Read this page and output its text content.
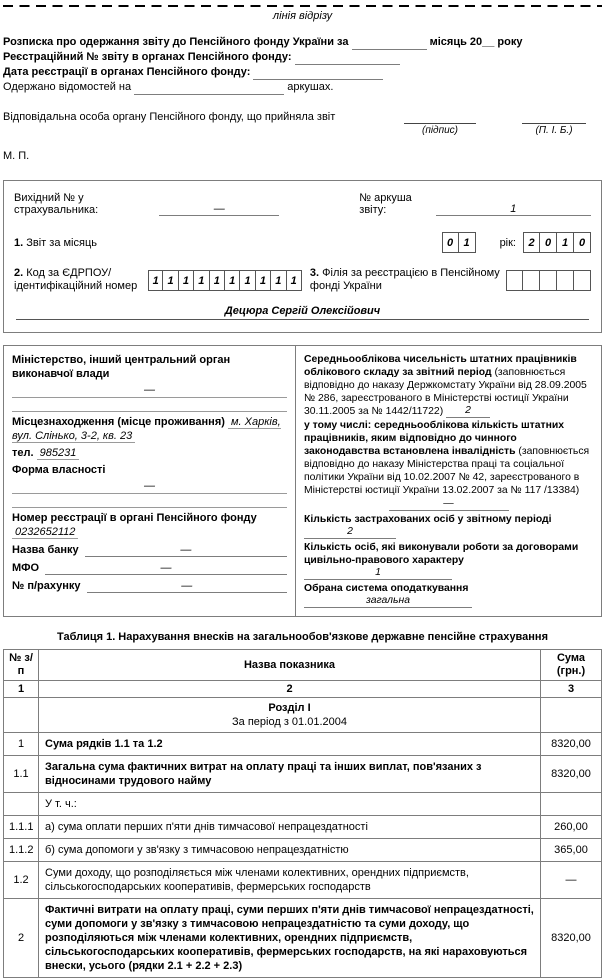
лінія відрізу
Розписка про одержання звіту до Пенсійного фонду України за	місяць 20__ року
Реєстраційний № звіту в органах Пенсійного фонду:
Дата реєстрації в органах Пенсійного фонду:
Одержано відомостей на	аркушах.
Відповідальна особа органу Пенсійного фонду, що прийняла звіт
(підпис)	(П. І. Б.)
М. П.
Вихідний № у страхувальника:	—
№ аркуша звіту:	1
1. Звіт за місяць	0 1	рік:	2 0 1 0
2. Код за ЄДРПОУ/ ідентифікаційний номер	1 1 1 1 1 1 1 1 1 1
3. Філія за реєстрацією в Пенсійному фонді України
Децюра Сергій Олексійович
Міністерство, інший центральний орган виконавчої влади
—

Місцезнаходження (місце проживання) м. Харків, вул. Слінько, 3-2, кв. 23

тел. 985231

Форма власності
—

Номер реєстрації в органі Пенсійного фонду 0232652112

Назва банку	—
МФО	—
№ п/рахунку	—

Середньооблікова чисельність штатних працівників облікового складу за звітний період (заповнюється відповідно до наказу Держкомстату України від 28.09.2005 № 286, зареєстрованого в Міністерстві юстиції України 30.11.2005 за № 1442/11722) 2

у тому числі: середньооблікова кількість штатних працівників, яким відповідно до чинного законодавства встановлена інвалідність (заповнюється відповідно до наказу Міністерства праці та соціальної політики України від 10.02.2007 № 42, зареєстрованого в Міністерстві юстиції України 13.02.2007 за № 117 /13384)

—

Кількість застрахованих осіб у звітному періоді 2

Кількість осіб, які виконували роботи за договорами цивільно-правового характеру 1

Обрана система оподаткування загальна

Таблиця 1. Нарахування внесків на загальнообов'язкове державне пенсійне страхування
№ з/п	Назва показника	Сума (грн.)
1	2	3

	Розділ I
За період з 01.01.2004	

1	Сума рядків 1.1 та 1.2	8320,00
1.1	Загальна сума фактичних витрат на оплату праці та інших виплат, пов'язаних з відносинами трудового найму	8320,00
	У т. ч.:	
1.1.1	а) сума оплати перших п'яти днів тимчасової непрацездатності	260,00
1.1.2	б) сума допомоги у зв'язку з тимчасовою непрацездатністю	365,00
1.2	Суми доходу, що розподіляється між членами колективних, орендних підприємств, сільськогосподарських кооперативів, фермерських господарств	—
2	Фактичні витрати на оплату праці, суми перших п'яти днів тимчасової непрацездатності, суми допомоги у зв'язку з тимчасовою непрацездатністю та суми доходу, що розподіляються між членами колективних, орендних підприємств, сільськогосподарських кооперативів, фермерських господарств, на які нараховуються внески, усього (рядки 2.1 + 2.2 + 2.3)	8320,00
